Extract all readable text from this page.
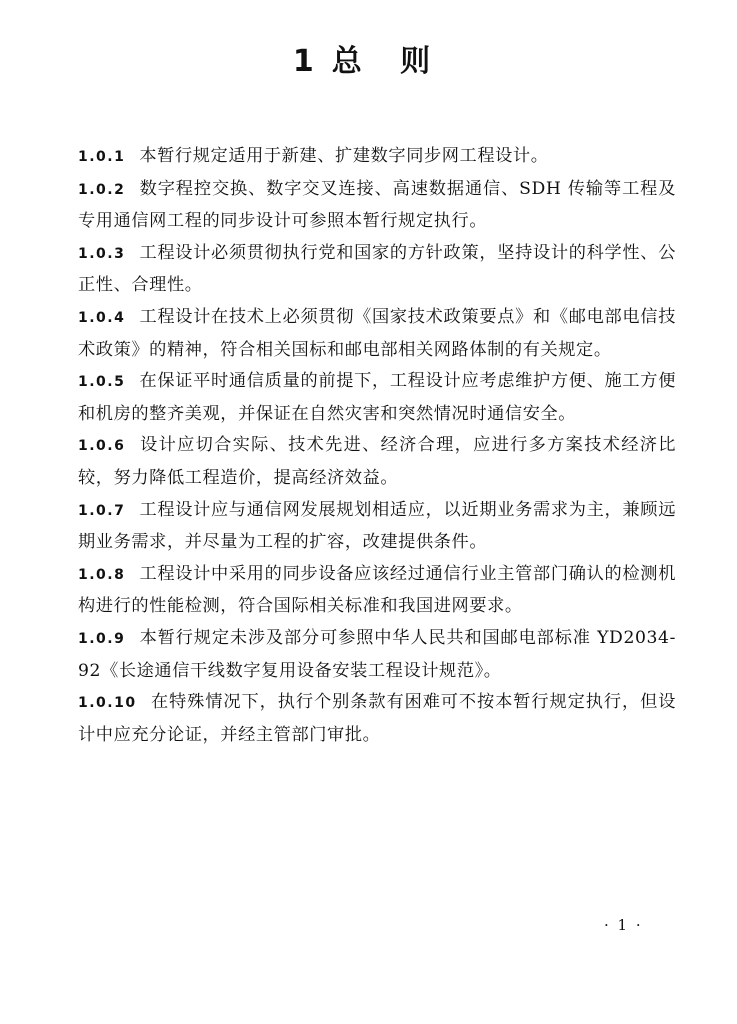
1 总 则

1.0.1 本暂行规定适用于新建、扩建数字同步网工程设计。

1.0.2 数字程控交换、数字交叉连接、高速数据通信、SDH 传输等工程及专用通信网工程的同步设计可参照本暂行规定执行。

1.0.3 工程设计必须贯彻执行党和国家的方针政策，坚持设计的科学性、公正性、合理性。

1.0.4 工程设计在技术上必须贯彻《国家技术政策要点》和《邮电部电信技术政策》的精神，符合相关国标和邮电部相关网路体制的有关规定。

1.0.5 在保证平时通信质量的前提下，工程设计应考虑维护方便、施工方便和机房的整齐美观，并保证在自然灾害和突然情况时通信安全。

1.0.6 设计应切合实际、技术先进、经济合理，应进行多方案技术经济比较，努力降低工程造价，提高经济效益。

1.0.7 工程设计应与通信网发展规划相适应，以近期业务需求为主，兼顾远期业务需求，并尽量为工程的扩容，改建提供条件。

1.0.8 工程设计中采用的同步设备应该经过通信行业主管部门确认的检测机构进行的性能检测，符合国际相关标准和我国进网要求。

1.0.9 本暂行规定未涉及部分可参照中华人民共和国邮电部标准 YD2034-92《长途通信干线数字复用设备安装工程设计规范》。

1.0.10 在特殊情况下，执行个别条款有困难可不按本暂行规定执行，但设计中应充分论证，并经主管部门审批。

· 1 ·
